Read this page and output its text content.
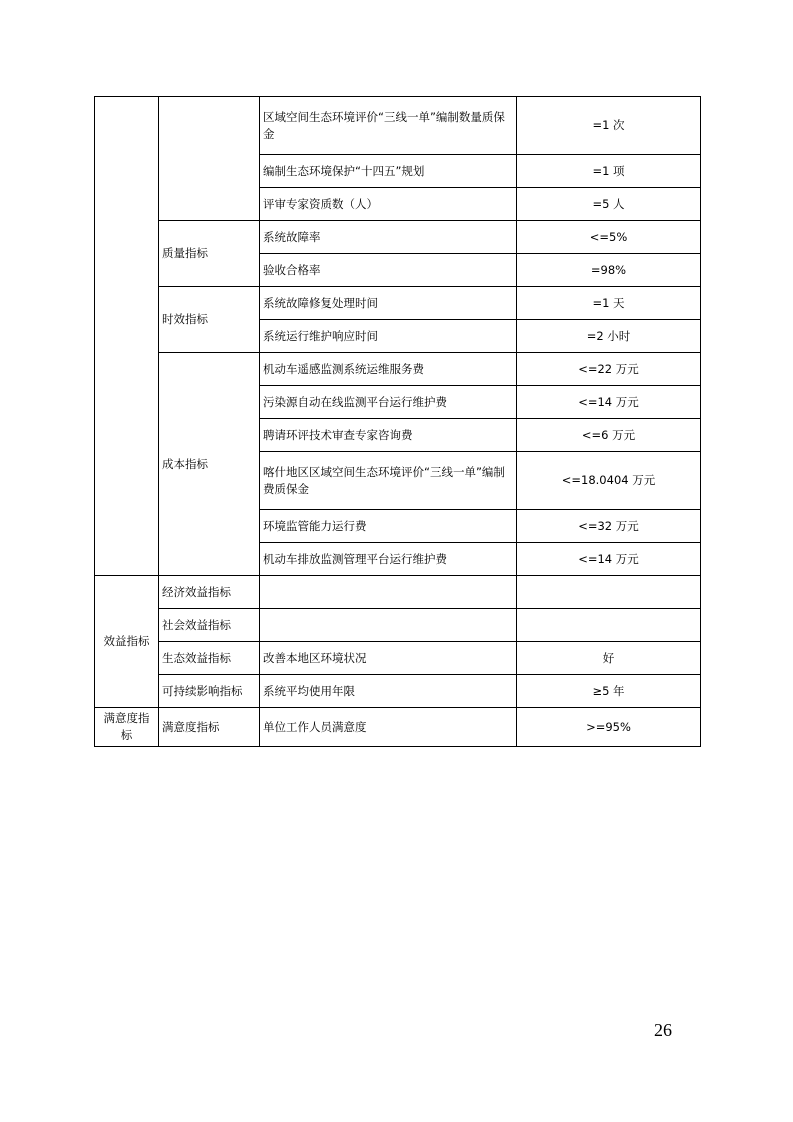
		区域空间生态环境评价“三线一单”编制数量质保金	=1 次
		编制生态环境保护“十四五”规划	=1 项
		评审专家资质数（人）	=5 人
	质量指标	系统故障率	<=5%
		验收合格率	=98%
	时效指标	系统故障修复处理时间	=1 天
		系统运行维护响应时间	=2 小时
	成本指标	机动车遥感监测系统运维服务费	<=22 万元
		污染源自动在线监测平台运行维护费	<=14 万元
		聘请环评技术审查专家咨询费	<=6 万元
		喀什地区区域空间生态环境评价“三线一单”编制费质保金	<=18.0404 万元
		环境监管能力运行费	<=32 万元
		机动车排放监测管理平台运行维护费	<=14 万元
效益指标	经济效益指标		
	社会效益指标		
	生态效益指标	改善本地区环境状况	好
	可持续影响指标	系统平均使用年限	≥5 年
满意度指标	满意度指标	单位工作人员满意度	>=95%
26
